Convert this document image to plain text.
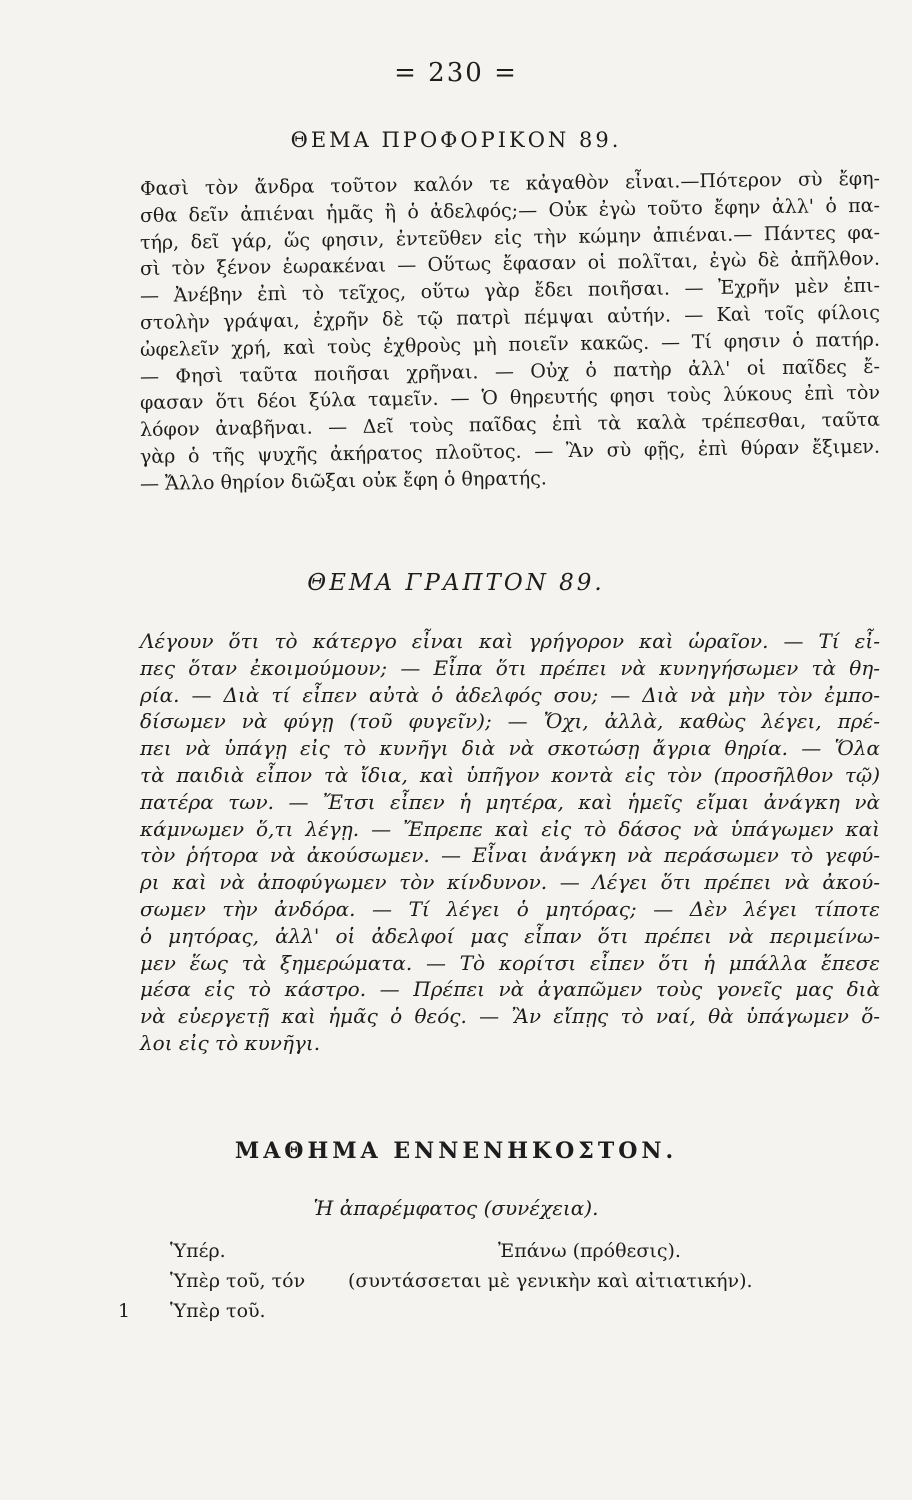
= 230 =
ΘΕΜΑ ΠΡΟΦΟΡΙΚΟΝ 89.
Φασὶ τὸν ἄνδρα τοῦτον καλόν τε κἀγαθὸν εἶναι.—Πότερον σὺ ἔφη-
σθα δεῖν ἀπιέναι ἡμᾶς ἢ ὁ ἀδελφός;— Οὐκ ἐγὼ τοῦτο ἔφην ἀλλ' ὁ πα-
τήρ, δεῖ γάρ, ὥς φησιν, ἐντεῦθεν εἰς τὴν κώμην ἀπιέναι.— Πάντες φα-
σὶ τὸν ξένον ἑωρακέναι — Οὕτως ἔφασαν οἱ πολῖται, ἐγὼ δὲ ἀπῆλθον.
— Ἀνέβην ἐπὶ τὸ τεῖχος, οὕτω γὰρ ἔδει ποιῆσαι. — Ἐχρῆν μὲν ἐπι-
στολὴν γράψαι, ἐχρῆν δὲ τῷ πατρὶ πέμψαι αὐτήν. — Καὶ τοῖς φίλοις
ὠφελεῖν χρή, καὶ τοὺς ἐχθροὺς μὴ ποιεῖν κακῶς. — Τί φησιν ὁ πατήρ.
— Φησὶ ταῦτα ποιῆσαι χρῆναι. — Οὐχ ὁ πατὴρ ἀλλ' οἱ παῖδες ἔ-
φασαν ὅτι δέοι ξύλα ταμεῖν. — Ὁ θηρευτής φησι τοὺς λύκους ἐπὶ τὸν
λόφον ἀναβῆναι. — Δεῖ τοὺς παῖδας ἐπὶ τὰ καλὰ τρέπεσθαι, ταῦτα
γὰρ ὁ τῆς ψυχῆς ἀκήρατος πλοῦτος. — Ἂν σὺ φῇς, ἐπὶ θύραν ἔξιμεν.
— Ἄλλο θηρίον διῶξαι οὐκ ἔφη ὁ θηρατής.
ΘΕΜΑ ΓΡΑΠΤΟΝ 89.
Λέγουν ὅτι τὸ κάτεργο εἶναι καὶ γρήγορον καὶ ὡραῖον. — Τί εἶ-
πες ὅταν ἐκοιμούμουν; — Εἶπα ὅτι πρέπει νὰ κυνηγήσωμεν τὰ θη-
ρία. — Διὰ τί εἶπεν αὐτὰ ὁ ἀδελφός σου; — Διὰ νὰ μὴν τὸν ἐμπο-
δίσωμεν νὰ φύγῃ (τοῦ φυγεῖν); — Ὄχι, ἀλλὰ, καθὼς λέγει, πρέ-
πει νὰ ὑπάγῃ εἰς τὸ κυνῆγι διὰ νὰ σκοτώσῃ ἄγρια θηρία. — Ὅλα
τὰ παιδιὰ εἶπον τὰ ἴδια, καὶ ὑπῆγον κοντὰ εἰς τὸν (προσῆλθον τῷ)
πατέρα των. — Ἔτσι εἶπεν ἡ μητέρα, καὶ ἡμεῖς εἴμαι ἀνάγκη νὰ
κάμνωμεν ὅ,τι λέγῃ. — Ἔπρεπε καὶ εἰς τὸ δάσος νὰ ὑπάγωμεν καὶ
τὸν ῥήτορα νὰ ἀκούσωμεν. — Εἶναι ἀνάγκη νὰ περάσωμεν τὸ γεφύ-
ρι καὶ νὰ ἀποφύγωμεν τὸν κίνδυνον. — Λέγει ὅτι πρέπει νὰ ἀκού-
σωμεν τὴν ἀνδόρα. — Τί λέγει ὁ μητόρας; — Δὲν λέγει τίποτε
ὁ μητόρας, ἀλλ' οἱ ἀδελφοί μας εἶπαν ὅτι πρέπει νὰ περιμείνω-
μεν ἕως τὰ ξημερώματα. — Τὸ κορίτσι εἶπεν ὅτι ἡ μπάλλα ἔπεσε
μέσα εἰς τὸ κάστρο. — Πρέπει νὰ ἀγαπῶμεν τοὺς γονεῖς μας διὰ
νὰ εὐεργετῇ καὶ ἡμᾶς ὁ θεός. — Ἂν εἴπῃς τὸ ναί, θὰ ὑπάγωμεν ὅ-
λοι εἰς τὸ κυνῆγι.
ΜΑΘΗΜΑ ΕΝΝΕΝΗΚΟΣΤΟΝ.
Ἡ ἀπαρέμφατος (συνέχεια).
Ὑπέρ.	Ἐπάνω (πρόθεσις).
Ὑπὲρ τοῦ, τόν (συντάσσεται μὲ γενικὴν καὶ αἰτιατικήν).
1	Ὑπὲρ τοῦ.
